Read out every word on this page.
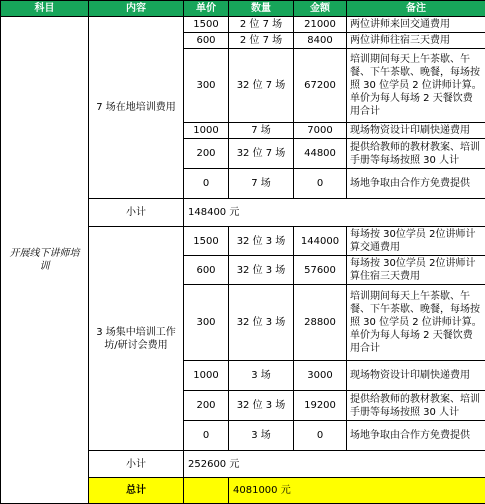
科目	内容	单价	数量	金额	备注
开展线下讲师培训	7 场在地培训费用	1500	2 位 7 场	21000	两位讲师来回交通费用
		600	2 位 7 场	8400	两位讲师往宿三天费用
		300	32 位 7 场	67200	培训期间每天上午茶歇、午餐、下午茶歇、晚餐，每场按照 30 位学员 2 位讲师计算。单价为每人每场 2 天餐饮费用合计
		1000	7 场	7000	现场物资设计印刷快递费用
		200	32 位 7 场	44800	提供给教师的教材教案、培训手册等每场按照 30 人计
		0	7 场	0	场地争取由合作方免费提供
	小计	148400 元			
	3 场集中培训工作坊/研讨会费用	1500	32 位 3 场	144000	每场按 30位学员 2位讲师计算交通费用
		600	32 位 3 场	57600	每场按 30位学员 2位讲师计算住宿三天费用
		300	32 位 3 场	28800	培训期间每天上午茶歇、午餐、下午茶歇、晚餐，每场按照 30 位学员 2 位讲师计算。单价为每人每场 2 天餐饮费用合计
		1000	3 场	3000	现场物资设计印刷快递费用
		200	32 位 3 场	19200	提供给教师的教材教案、培训手册等每场按照 30 人计
		0	3 场	0	场地争取由合作方免费提供
	小计	252600 元			
	总计		4081000 元		
